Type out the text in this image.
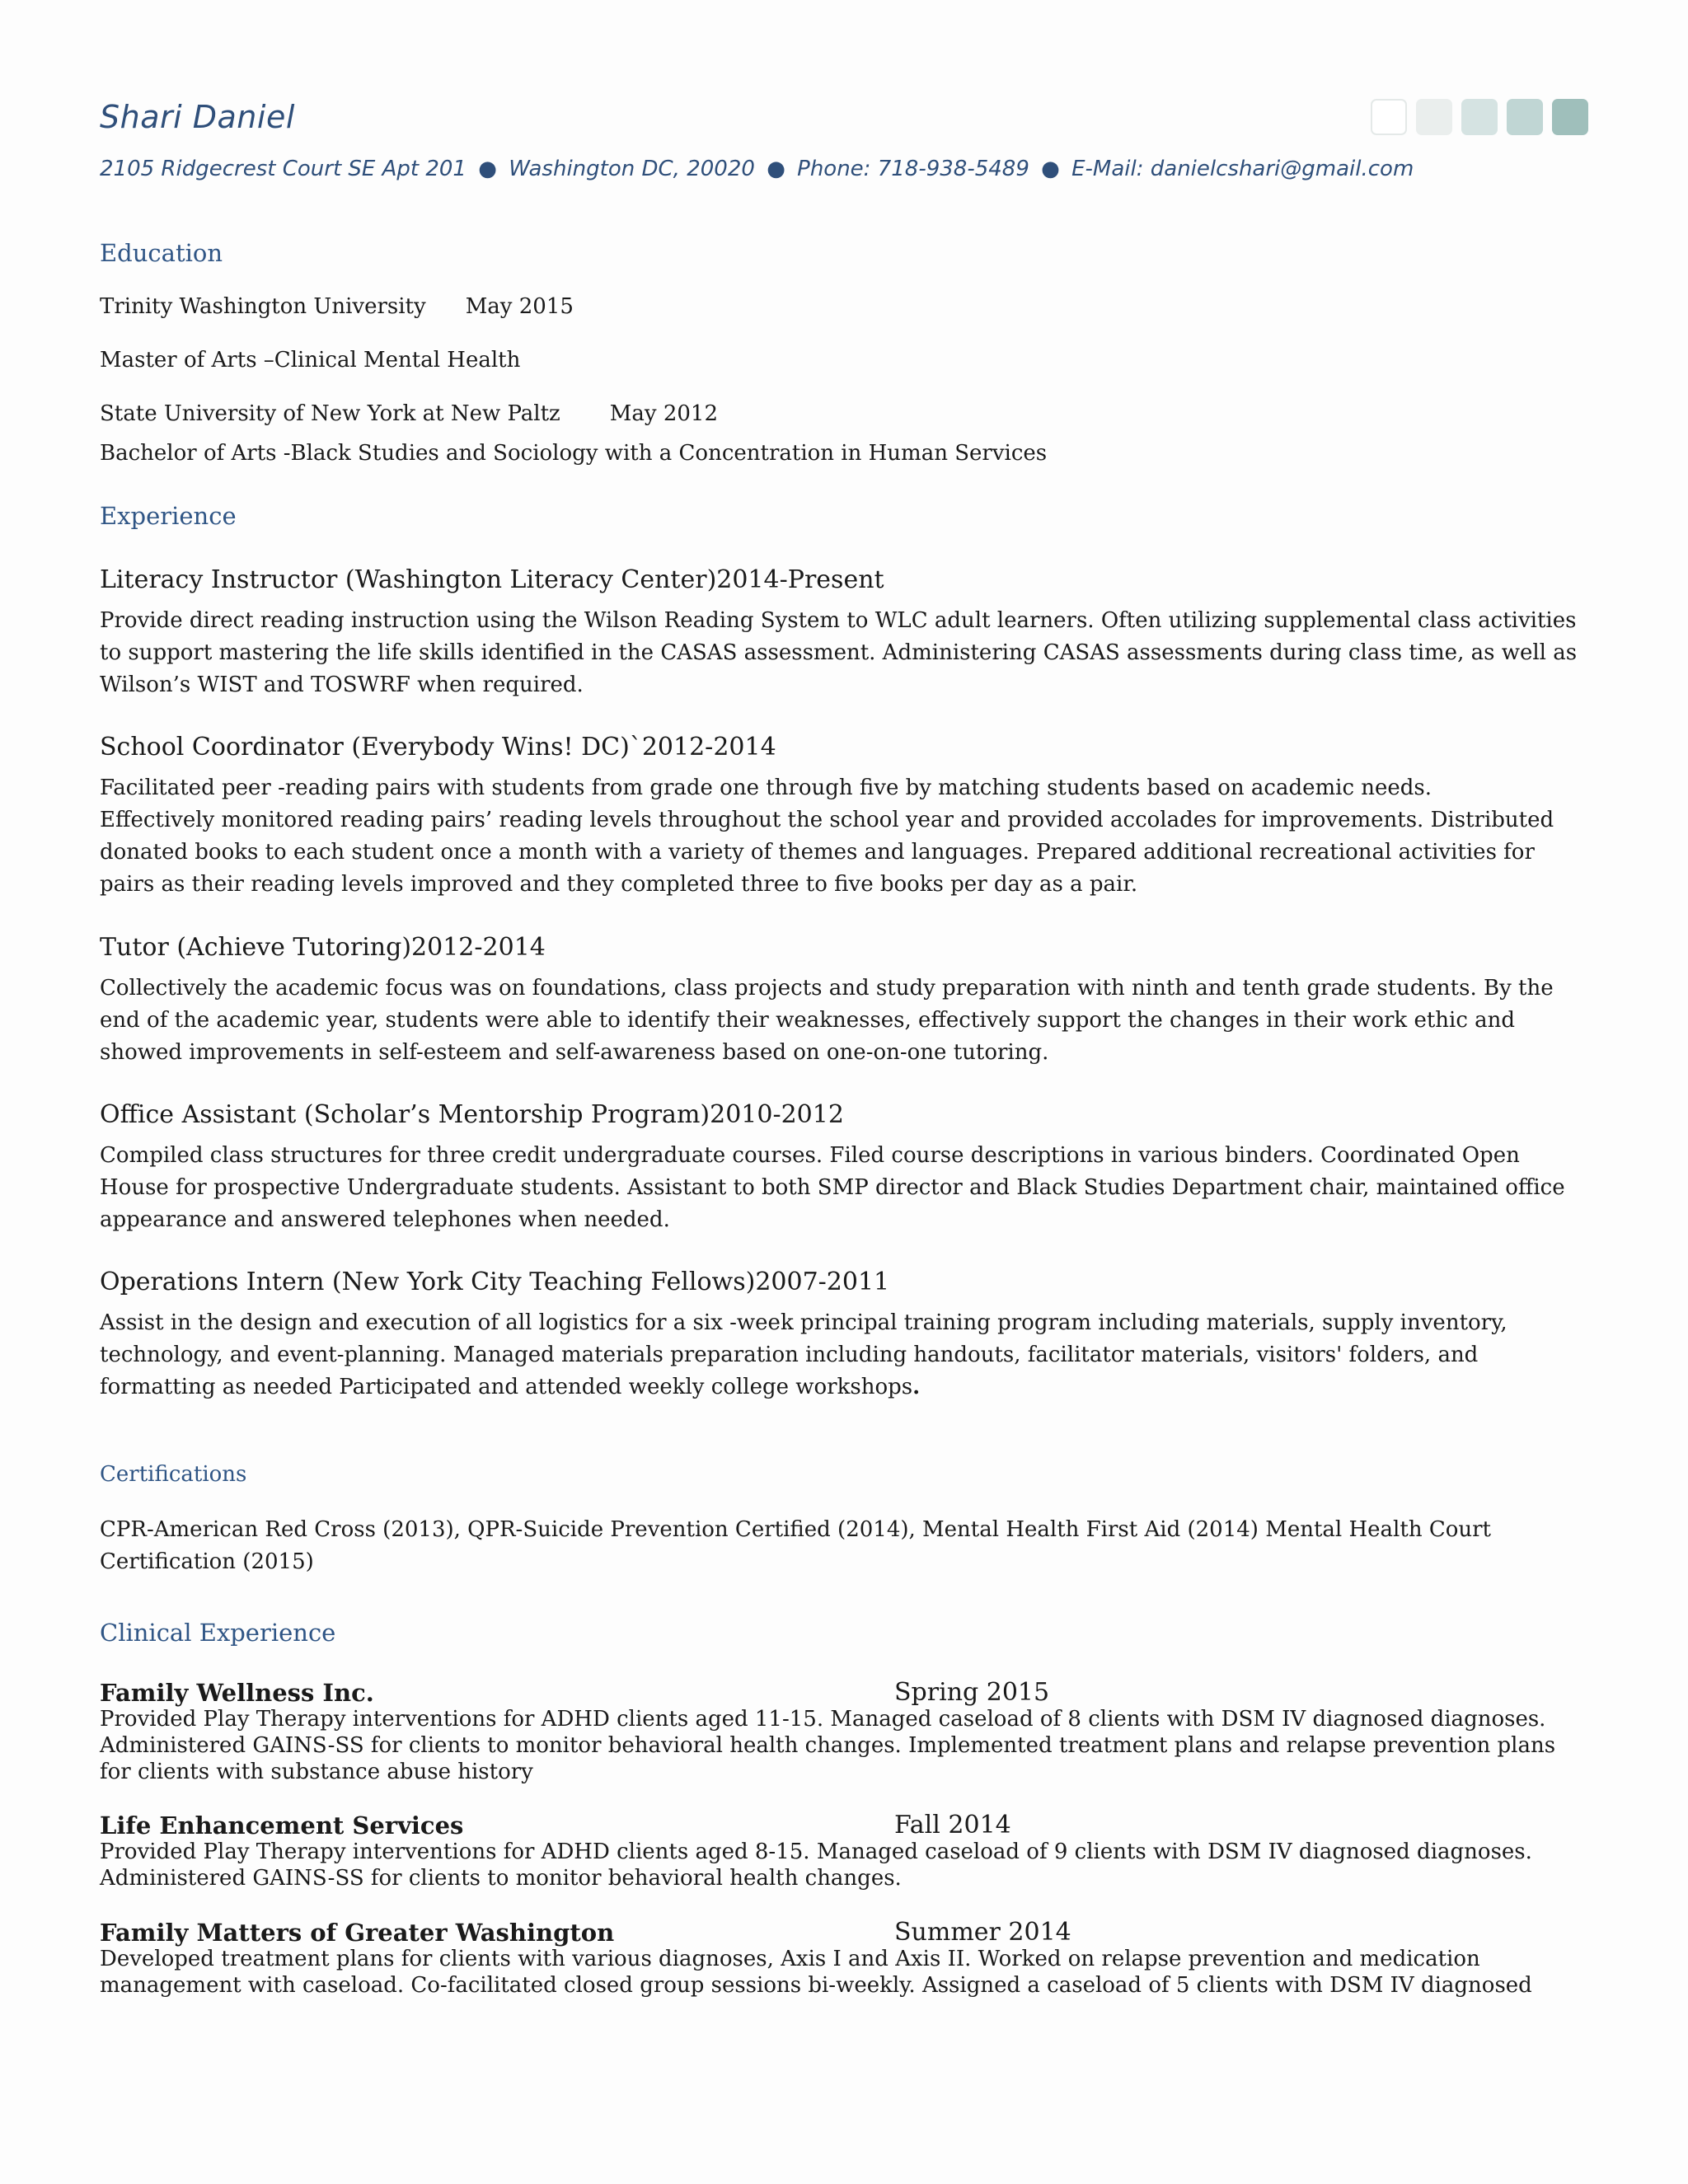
Shari Daniel
2105 Ridgecrest Court SE Apt 201 ● Washington DC, 20020 ● Phone: 718-938-5489 ● E-Mail: danielcshari@gmail.com
Education
Trinity Washington University May 2015
Master of Arts –Clinical Mental Health
State University of New York at New Paltz May 2012
Bachelor of Arts -Black Studies and Sociology with a Concentration in Human Services
Experience
Literacy Instructor (Washington Literacy Center)2014-Present
Provide direct reading instruction using the Wilson Reading System to WLC adult learners. Often utilizing supplemental class activities to support mastering the life skills identified in the CASAS assessment. Administering CASAS assessments during class time, as well as Wilson’s WIST and TOSWRF when required.
School Coordinator (Everybody Wins! DC)`2012-2014
Facilitated peer -reading pairs with students from grade one through five by matching students based on academic needs.
Effectively monitored reading pairs’ reading levels throughout the school year and provided accolades for improvements. Distributed donated books to each student once a month with a variety of themes and languages. Prepared additional recreational activities for pairs as their reading levels improved and they completed three to five books per day as a pair.
Tutor (Achieve Tutoring)2012-2014
Collectively the academic focus was on foundations, class projects and study preparation with ninth and tenth grade students. By the end of the academic year, students were able to identify their weaknesses, effectively support the changes in their work ethic and showed improvements in self-esteem and self-awareness based on one-on-one tutoring.
Office Assistant (Scholar’s Mentorship Program)2010-2012
Compiled class structures for three credit undergraduate courses. Filed course descriptions in various binders. Coordinated Open House for prospective Undergraduate students. Assistant to both SMP director and Black Studies Department chair, maintained office appearance and answered telephones when needed.
Operations Intern (New York City Teaching Fellows)2007-2011
Assist in the design and execution of all logistics for a six -week principal training program including materials, supply inventory, technology, and event-planning. Managed materials preparation including handouts, facilitator materials, visitors' folders, and formatting as needed Participated and attended weekly college workshops.
Certifications
CPR-American Red Cross (2013), QPR-Suicide Prevention Certified (2014), Mental Health First Aid (2014) Mental Health Court Certification (2015)
Clinical Experience
Family Wellness Inc.	Spring 2015
Provided Play Therapy interventions for ADHD clients aged 11-15. Managed caseload of 8 clients with DSM IV diagnosed diagnoses. Administered GAINS-SS for clients to monitor behavioral health changes. Implemented treatment plans and relapse prevention plans for clients with substance abuse history
Life Enhancement Services	Fall 2014
Provided Play Therapy interventions for ADHD clients aged 8-15. Managed caseload of 9 clients with DSM IV diagnosed diagnoses. Administered GAINS-SS for clients to monitor behavioral health changes.
Family Matters of Greater Washington	Summer 2014
Developed treatment plans for clients with various diagnoses, Axis I and Axis II. Worked on relapse prevention and medication management with caseload. Co-facilitated closed group sessions bi-weekly. Assigned a caseload of 5 clients with DSM IV diagnosed
